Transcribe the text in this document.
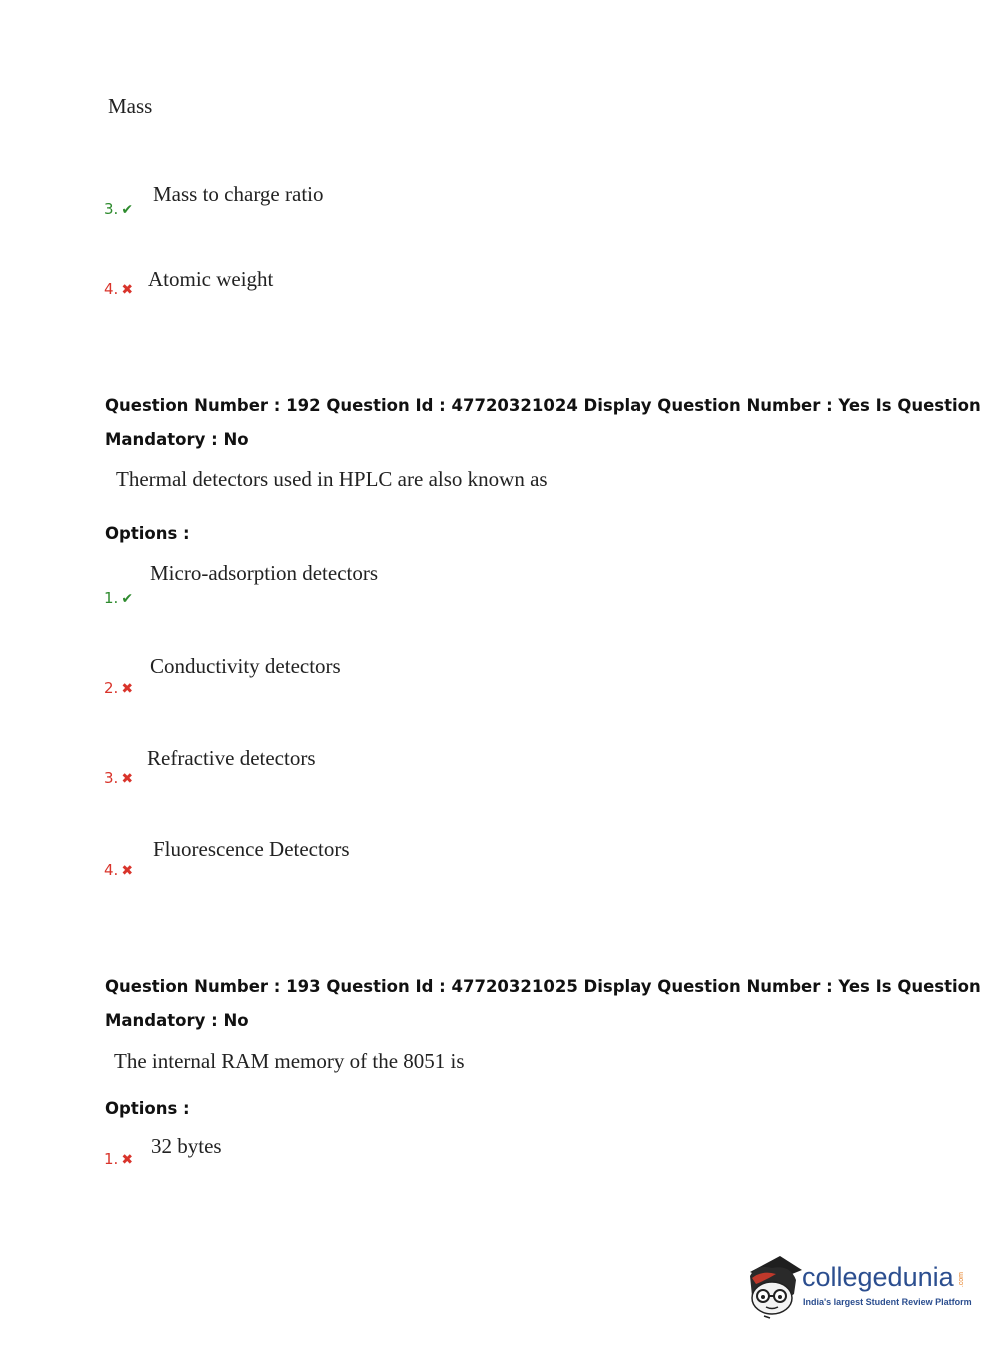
Mass
3. ✔
Mass to charge ratio
4. ✖ Atomic weight
Question Number : 192 Question Id : 47720321024 Display Question Number : Yes Is Question
Mandatory : No
Thermal detectors used in HPLC are also known as
Options :
1. ✔
Micro-adsorption detectors
2. ✖
Conductivity detectors
3. ✖
Refractive detectors
4. ✖
Fluorescence Detectors
Question Number : 193 Question Id : 47720321025 Display Question Number : Yes Is Question
Mandatory : No
The internal RAM memory of the 8051 is
Options :
1. ✖
32 bytes
collegedunia .com
India's largest Student Review Platform
